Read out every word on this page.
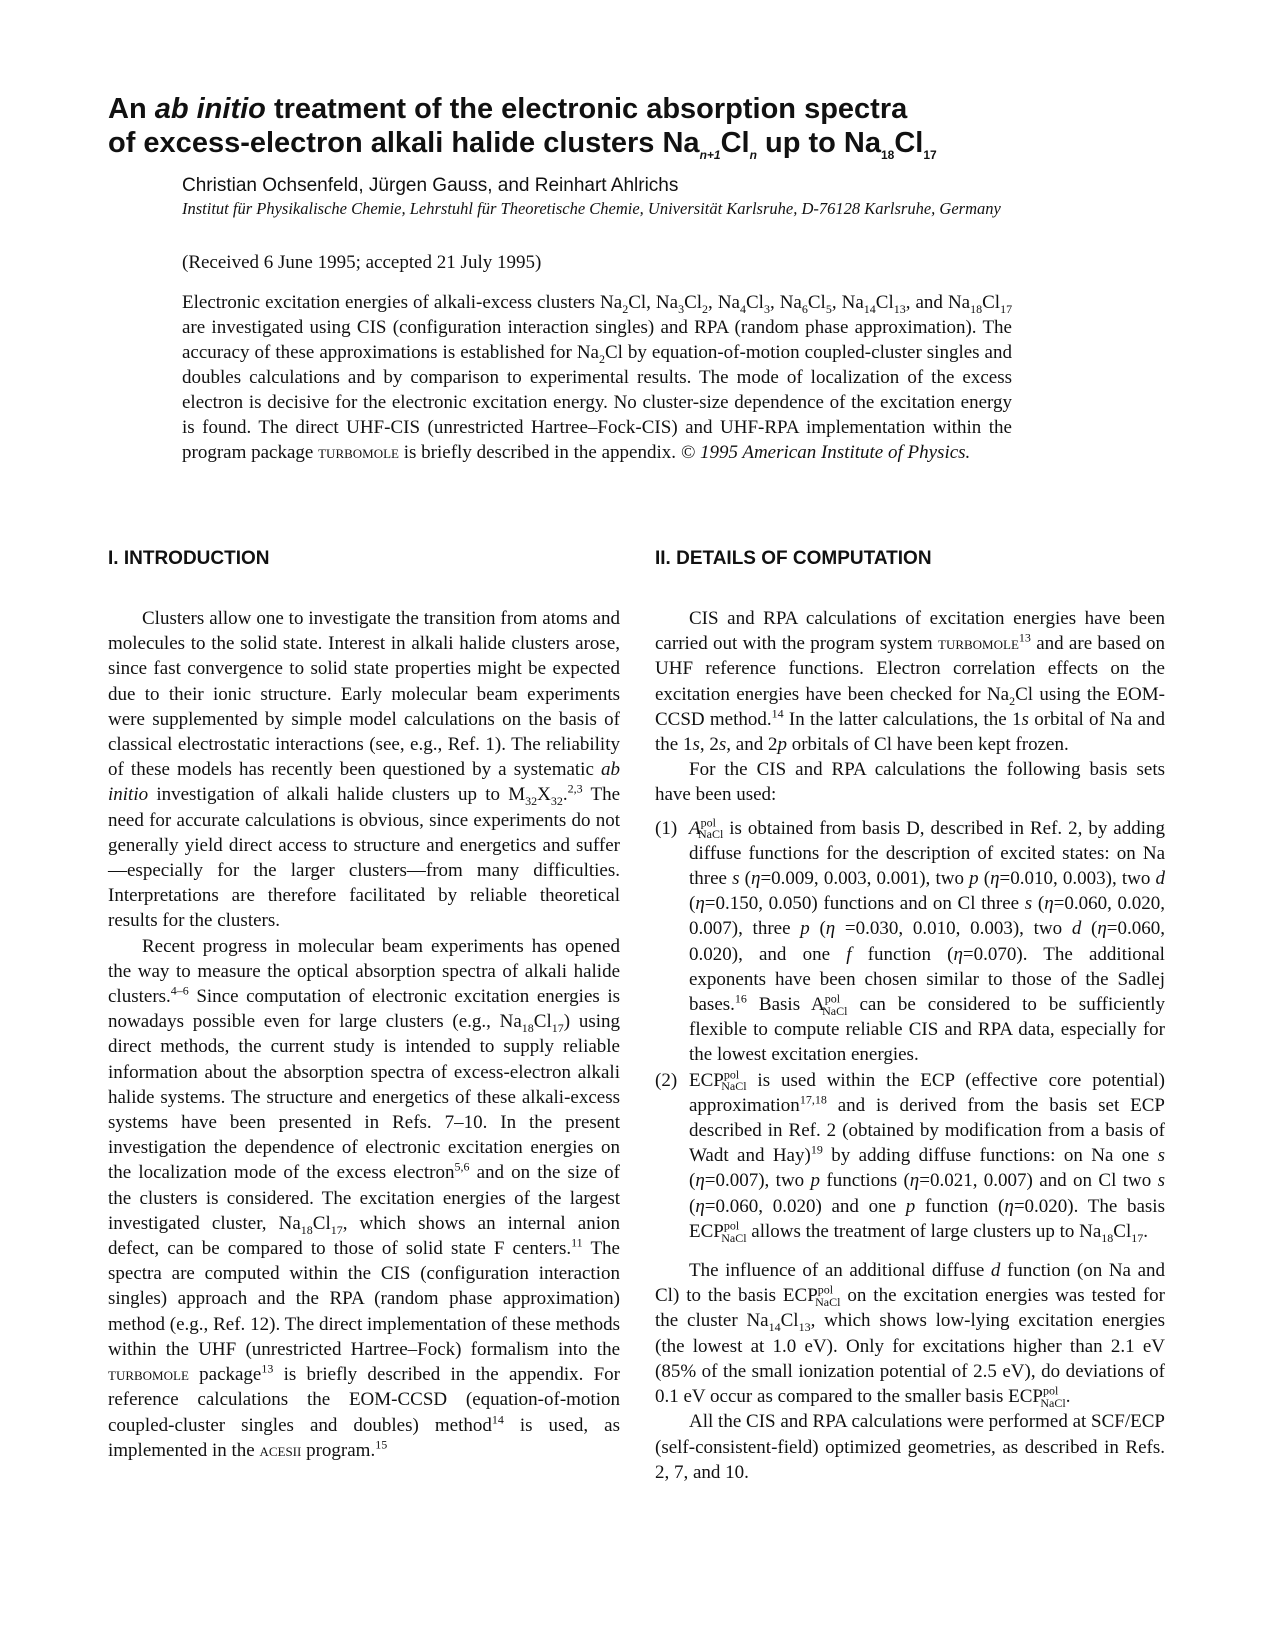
An ab initio treatment of the electronic absorption spectra
of excess-electron alkali halide clusters $Na_{n+1}Cl_n$ up to $Na_{18}Cl_{17}$

Christian Ochsenfeld, Jürgen Gauss, and Reinhart Ahlrichs

Institut für Physikalische Chemie, Lehrstuhl für Theoretische Chemie, Universität Karlsruhe, D-76128 Karlsruhe, Germany

(Received 6 June 1995; accepted 21 July 1995)

Electronic excitation energies of alkali-excess clusters $Na_2Cl$, $Na_3Cl_2$, $Na_4Cl_3$, $Na_6Cl_5$, $Na_{14}Cl_{13}$, and $Na_{18}Cl_{17}$ are investigated using CIS (configuration interaction singles) and RPA (random phase approximation). The accuracy of these approximations is established for $Na_2Cl$ by equation-of-motion coupled-cluster singles and doubles calculations and by comparison to experimental results. The mode of localization of the excess electron is decisive for the electronic excitation energy. No cluster-size dependence of the excitation energy is found. The direct UHF-CIS (unrestricted Hartree–Fock-CIS) and UHF-RPA implementation within the program package turbomole is briefly described in the appendix. © 1995 American Institute of Physics.

I. INTRODUCTION

Clusters allow one to investigate the transition from atoms and molecules to the solid state. Interest in alkali halide clusters arose, since fast convergence to solid state properties might be expected due to their ionic structure. Early molecular beam experiments were supplemented by simple model calculations on the basis of classical electrostatic interactions (see, e.g., Ref. 1). The reliability of these models has recently been questioned by a systematic ab initio investigation of alkali halide clusters up to $M_{32}X_{32}.^{2,3}$ The need for accurate calculations is obvious, since experiments do not generally yield direct access to structure and energetics and suffer—especially for the larger clusters—from many difficulties. Interpretations are therefore facilitated by reliable theoretical results for the clusters.

Recent progress in molecular beam experiments has opened the way to measure the optical absorption spectra of alkali halide clusters.$^{4-6}$ Since computation of electronic excitation energies is nowadays possible even for large clusters (e.g., $Na_{18}Cl_{17}$) using direct methods, the current study is intended to supply reliable information about the absorption spectra of excess-electron alkali halide systems. The structure and energetics of these alkali-excess systems have been presented in Refs. 7–10. In the present investigation the dependence of electronic excitation energies on the localization mode of the excess electron$^{5,6}$ and on the size of the clusters is considered. The excitation energies of the largest investigated cluster, $Na_{18}Cl_{17}$, which shows an internal anion defect, can be compared to those of solid state F centers.$^{11}$ The spectra are computed within the CIS (configuration interaction singles) approach and the RPA (random phase approximation) method (e.g., Ref. 12). The direct implementation of these methods within the UHF (unrestricted Hartree–Fock) formalism into the turbomole package$^{13}$ is briefly described in the appendix. For reference calculations the EOM-CCSD (equation-of-motion coupled-cluster singles and doubles) method$^{14}$ is used, as implemented in the acesii program.$^{15}$

II. DETAILS OF COMPUTATION

CIS and RPA calculations of excitation energies have been carried out with the program system turbomole$^{13}$ and are based on UHF reference functions. Electron correlation effects on the excitation energies have been checked for $Na_2Cl$ using the EOM-CCSD method.$^{14}$ In the latter calculations, the 1s orbital of Na and the 1s, 2s, and 2p orbitals of Cl have been kept frozen.

For the CIS and RPA calculations the following basis sets have been used:

(1) $A^{pol}_{NaCl}$ is obtained from basis D, described in Ref. 2, by adding diffuse functions for the description of excited states: on Na three s (η=0.009, 0.003, 0.001), two p (η=0.010, 0.003), two d (η=0.150, 0.050) functions and on Cl three s (η=0.060, 0.020, 0.007), three p (η =0.030, 0.010, 0.003), two d (η=0.060, 0.020), and one f function (η=0.070). The additional exponents have been chosen similar to those of the Sadlej bases.$^{16}$ Basis $A^{pol}_{NaCl}$ can be considered to be sufficiently flexible to compute reliable CIS and RPA data, especially for the lowest excitation energies.
(2) $ECP^{pol}_{NaCl}$ is used within the ECP (effective core potential) approximation$^{17,18}$ and is derived from the basis set ECP described in Ref. 2 (obtained by modification from a basis of Wadt and Hay)$^{19}$ by adding diffuse functions: on Na one s (η=0.007), two p functions (η=0.021, 0.007) and on Cl two s (η=0.060, 0.020) and one p function (η=0.020). The basis $ECP^{pol}_{NaCl}$ allows the treatment of large clusters up to $Na_{18}Cl_{17}$.

The influence of an additional diffuse d function (on Na and Cl) to the basis $ECP^{pol}_{NaCl}$ on the excitation energies was tested for the cluster $Na_{14}Cl_{13}$, which shows low-lying excitation energies (the lowest at 1.0 eV). Only for excitations higher than 2.1 eV (85% of the small ionization potential of 2.5 eV), do deviations of 0.1 eV occur as compared to the smaller basis $ECP^{pol}_{NaCl}$.

All the CIS and RPA calculations were performed at SCF/ECP (self-consistent-field) optimized geometries, as described in Refs. 2, 7, and 10.
